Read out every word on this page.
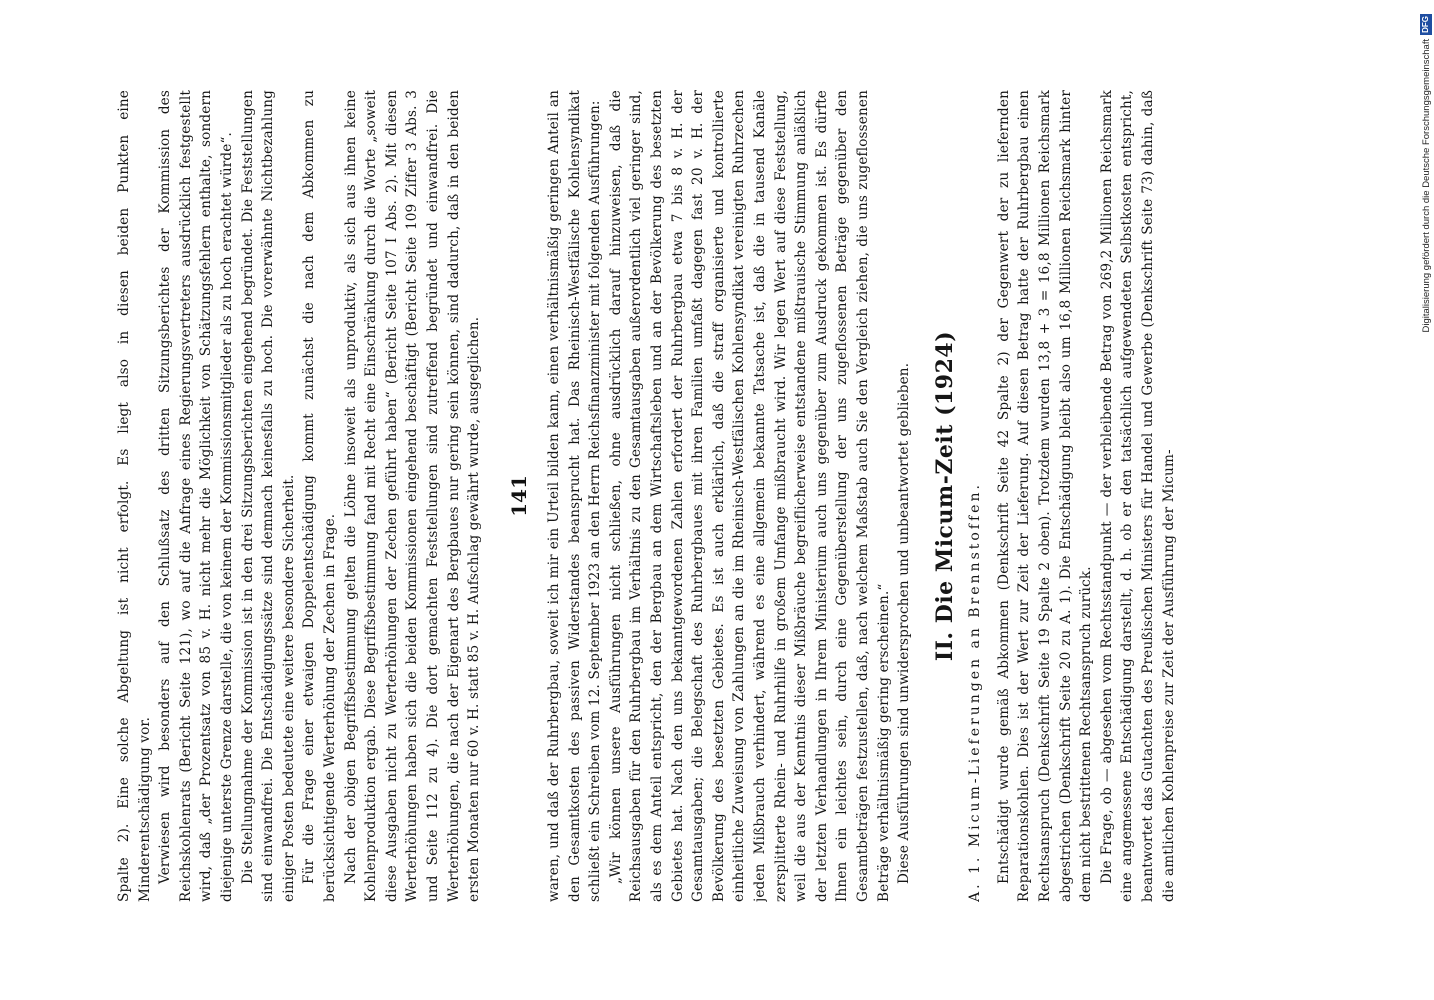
141

Spalte 2). Eine solche Abgeltung ist nicht erfolgt. Es liegt also in diesen beiden Punkten eine Minderentschädigung vor. Verwiesen wird besonders auf den Schlußsatz des dritten Sitzungsberichtes der Kommission des Reichskohlenrats (Bericht Seite 121), wo auf die Anfrage eines Regierungsvertreters ausdrücklich festgestellt wird, daß „der Prozentsatz von 85 v. H. nicht mehr die Möglichkeit von Schätzungsfehlern enthalte, sondern diejenige unterste Grenze darstelle, die von keinem der Kommissionsmitglieder als zu hoch erachtet würde“. Die Stellungnahme der Kommission ist in den drei Sitzungsberichten eingehend begründet. Die Feststellungen sind einwandfrei. Die Entschädigungssätze sind demnach keinesfalls zu hoch. Die vorerwähnte Nichtbezahlung einiger Posten bedeutete eine weitere besondere Sicherheit. Für die Frage einer etwaigen Doppelentschädigung kommt zunächst die nach dem Abkommen zu berücksichtigende Werterhöhung der Zechen in Frage. Nach der obigen Begriffsbestimmung gelten die Löhne insoweit als unproduktiv, als sich aus ihnen keine Kohlenproduktion ergab. Diese Begriffsbestimmung fand mit Recht eine Einschränkung durch die Worte „soweit diese Ausgaben nicht zu Werterhöhungen der Zechen geführt haben“ (Bericht Seite 107 I Abs. 2). Mit diesen Werterhöhungen haben sich die beiden Kommissionen eingehend beschäftigt (Bericht Seite 109 Ziffer 3 Abs. 3 und Seite 112 zu 4). Die dort gemachten Feststellungen sind zutreffend begründet und einwandfrei. Die Werterhöhungen, die nach der Eigenart des Bergbaues nur gering sein können, sind dadurch, daß in den beiden ersten Monaten nur 60 v. H. statt 85 v. H. Aufschlag gewährt wurde, ausgeglichen.	waren, und daß der Ruhrbergbau, soweit ich mir ein Urteil bilden kann, einen verhältnismäßig geringen Anteil an den Gesamtkosten des passiven Widerstandes beansprucht hat. Das Rheinisch-Westfälische Kohlensyndikat schließt ein Schreiben vom 12. September 1923 an den Herrn Reichsfinanzminister mit folgenden Ausführungen: „Wir können unsere Ausführungen nicht schließen, ohne ausdrücklich darauf hinzuweisen, daß die Reichsausgaben für den Ruhrbergbau im Verhältnis zu den Gesamtausgaben außerordentlich viel geringer sind, als es dem Anteil entspricht, den der Bergbau an dem Wirtschaftsleben und an der Bevölkerung des besetzten Gebietes hat. Nach den uns bekanntgewordenen Zahlen erfordert der Ruhrbergbau etwa 7 bis 8 v. H. der Gesamtausgaben; die Belegschaft des Ruhrbergbaues mit ihren Familien umfaßt dagegen fast 20 v. H. der Bevölkerung des besetzten Gebietes. Es ist auch erklärlich, daß die straff organisierte und kontrollierte einheitliche Zuweisung von Zahlungen an die im Rheinisch-Westfälischen Kohlensyndikat vereinigten Ruhrzechen jeden Mißbrauch verhindert, während es eine allgemein bekannte Tatsache ist, daß die in tausend Kanäle zersplitterte Rhein- und Ruhrhilfe in großem Umfange mißbraucht wird. Wir legen Wert auf diese Feststellung, weil die aus der Kenntnis dieser Mißbräuche begreiflicherweise entstandene mißtrauische Stimmung anläßlich der letzten Verhandlungen in Ihrem Ministerium auch uns gegenüber zum Ausdruck gekommen ist. Es dürfte Ihnen ein leichtes sein, durch eine Gegenüberstellung der uns zugeflossenen Beträge gegenüber den Gesamtbeträgen festzustellen, daß, nach welchem Maßstab auch Sie den Vergleich ziehen, die uns zugeflossenen Beträge verhältnismäßig gering erscheinen.“ Diese Ausführungen sind unwidersprochen und unbeantwortet geblieben. II. Die Micum-Zeit (1924) A. 1. Micum-Lieferungen an Brennstoffen. Entschädigt wurde gemäß Abkommen (Denkschrift Seite 42 Spalte 2) der Gegenwert der zu liefernden Reparationskohlen. Dies ist der Wert zur Zeit der Lieferung. Auf diesen Betrag hatte der Ruhrbergbau einen Rechtsanspruch (Denkschrift Seite 19 Spalte 2 oben). Trotzdem wurden 13,8 + 3 = 16,8 Millionen Reichsmark abgestrichen (Denkschrift Seite 20 zu A. 1). Die Entschädigung bleibt also um 16,8 Millionen Reichsmark hinter dem nicht bestrittenen Rechtsanspruch zurück. Die Frage, ob — abgesehen vom Rechtsstandpunkt — der verbleibende Betrag von 269,2 Millionen Reichsmark eine angemessene Entschädigung darstellt, d. h. ob er den tatsächlich aufgewendeten Selbstkosten entspricht, beantwortet das Gutachten des Preußischen Ministers für Handel und Gewerbe (Denkschrift Seite 73) dahin, daß die amtlichen Kohlenpreise zur Zeit der Ausführung der Micum-

Digitalisierung gefördert durch die Deutsche ForschungsgemeinschaftDFG
